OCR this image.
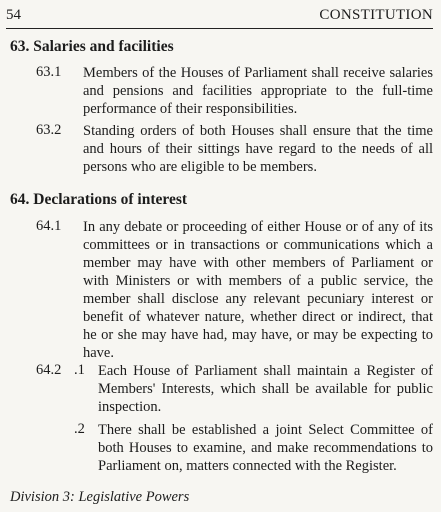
54	CONSTITUTION
63. Salaries and facilities
63.1 Members of the Houses of Parliament shall receive salaries and pensions and facilities appropriate to the full-time performance of their responsibilities.

63.2 Standing orders of both Houses shall ensure that the time and hours of their sittings have regard to the needs of all persons who are eligible to be members.

64. Declarations of interest
64.1 In any debate or proceeding of either House or of any of its committees or in transactions or communications which a member may have with other members of Parliament or with Ministers or with members of a public service, the member shall disclose any relevant pecuniary interest or benefit of whatever nature, whether direct or indirect, that he or she may have had, may have, or may be expecting to have.

64.2 .1 Each House of Parliament shall maintain a Register of Members' Interests, which shall be available for public inspection.

.2 There shall be established a joint Select Committee of both Houses to examine, and make recommendations to Parliament on, matters connected with the Register.

Division 3: Legislative Powers
